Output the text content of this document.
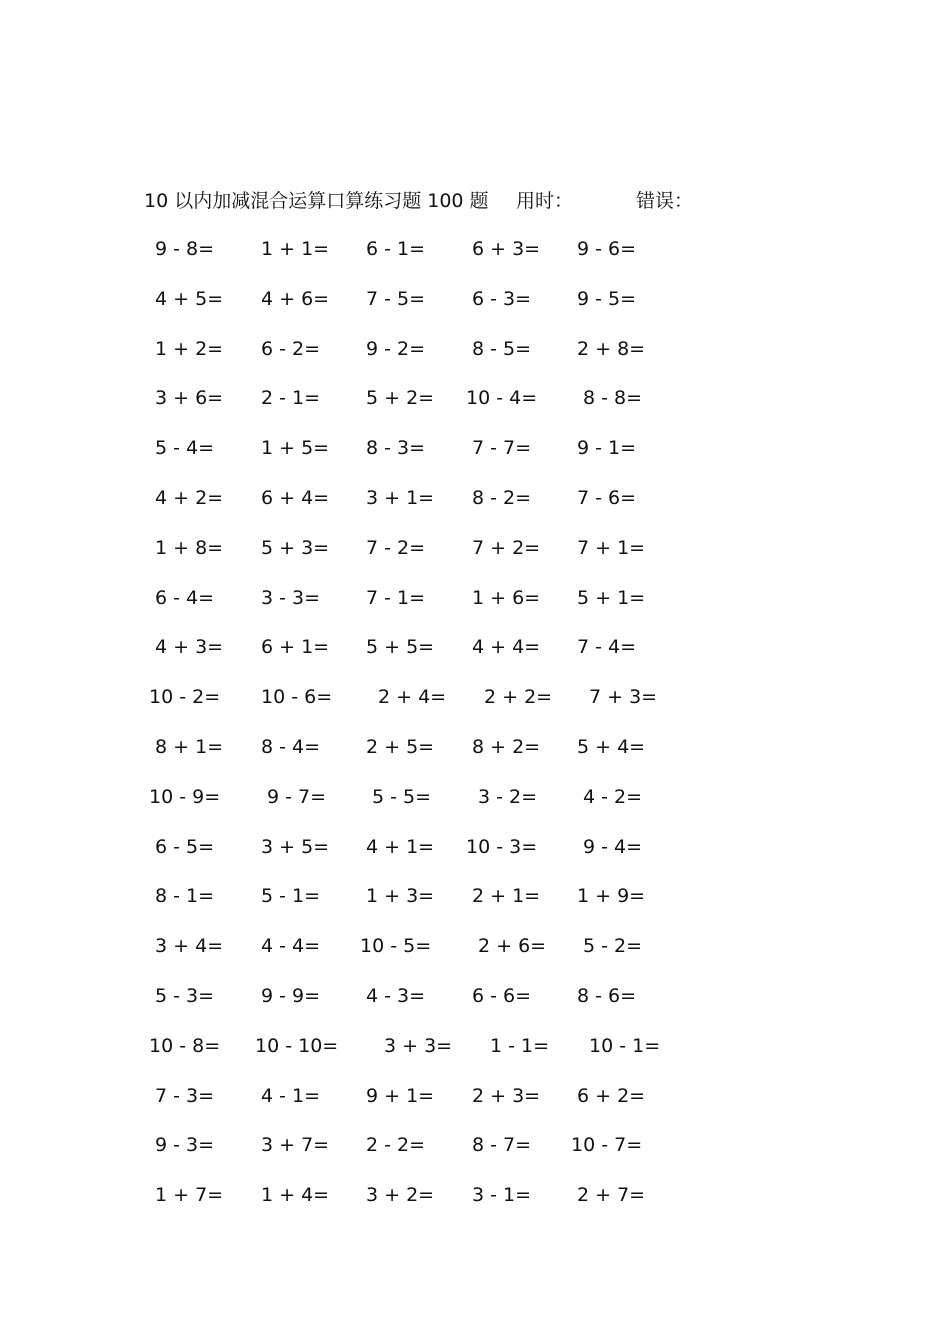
10 以内加减混合运算口算练习题 100 题 用时：	错误：
9 - 8= 1 + 1= 6 - 1= 6 + 3= 9 - 6=
4 + 5= 4 + 6= 7 - 5= 6 - 3= 9 - 5=
1 + 2= 6 - 2= 9 - 2= 8 - 5= 2 + 8=
3 + 6= 2 - 1= 5 + 2= 10 - 4= 8 - 8=
5 - 4= 1 + 5= 8 - 3= 7 - 7= 9 - 1=
4 + 2= 6 + 4= 3 + 1= 8 - 2= 7 - 6=
1 + 8= 5 + 3= 7 - 2= 7 + 2= 7 + 1=
6 - 4= 3 - 3= 7 - 1= 1 + 6= 5 + 1=
4 + 3= 6 + 1= 5 + 5= 4 + 4= 7 - 4=
10 - 2= 10 - 6= 2 + 4= 2 + 2= 7 + 3=
8 + 1= 8 - 4= 2 + 5= 8 + 2= 5 + 4=
10 - 9= 9 - 7= 5 - 5= 3 - 2= 4 - 2=
6 - 5= 3 + 5= 4 + 1= 10 - 3= 9 - 4=
8 - 1= 5 - 1= 1 + 3= 2 + 1= 1 + 9=
3 + 4= 4 - 4= 10 - 5= 2 + 6= 5 - 2=
5 - 3= 9 - 9= 4 - 3= 6 - 6= 8 - 6=
10 - 8= 10 - 10= 3 + 3= 1 - 1= 10 - 1=
7 - 3= 4 - 1= 9 + 1= 2 + 3= 6 + 2=
9 - 3= 3 + 7= 2 - 2= 8 - 7= 10 - 7=
1 + 7= 1 + 4= 3 + 2= 3 - 1= 2 + 7=
